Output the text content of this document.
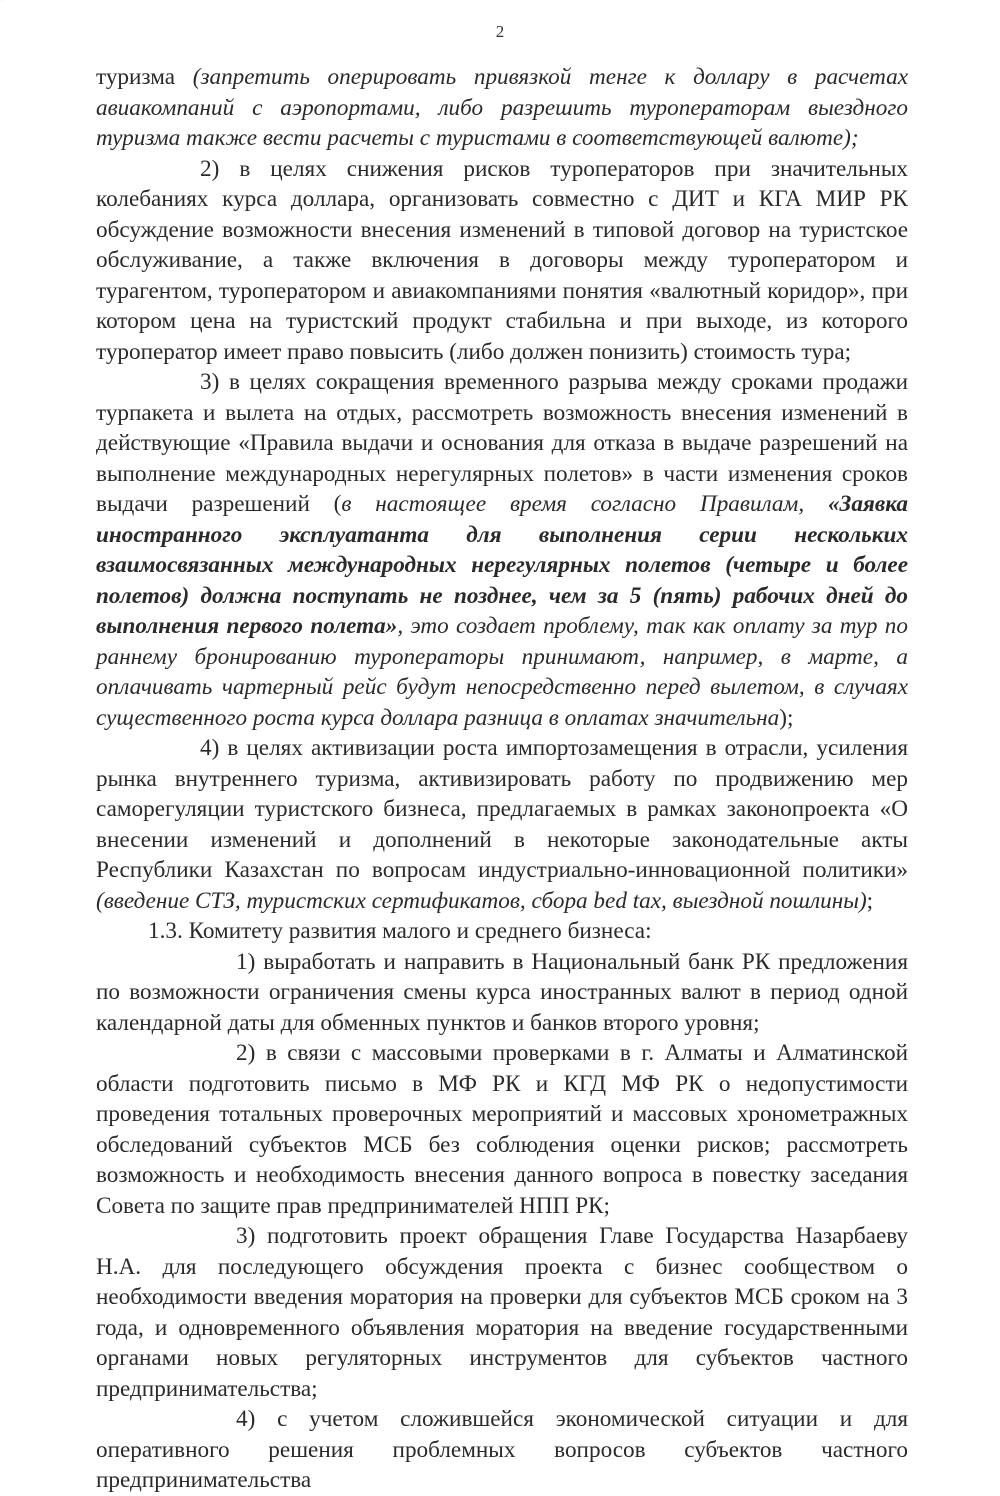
2

туризма (запретить оперировать привязкой тенге к доллару в расчетах авиакомпаний с аэропортами, либо разрешить туроператорам выездного туризма также вести расчеты с туристами в соответствующей валюте);

2) в целях снижения рисков туроператоров при значительных колебаниях курса доллара, организовать совместно с ДИТ и КГА МИР РК обсуждение возможности внесения изменений в типовой договор на туристское обслуживание, а также включения в договоры между туроператором и турагентом, туроператором и авиакомпаниями понятия «валютный коридор», при котором цена на туристский продукт стабильна и при выходе, из которого туроператор имеет право повысить (либо должен понизить) стоимость тура;

3) в целях сокращения временного разрыва между сроками продажи турпакета и вылета на отдых, рассмотреть возможность внесения изменений в действующие «Правила выдачи и основания для отказа в выдаче разрешений на выполнение международных нерегулярных полетов» в части изменения сроков выдачи разрешений (в настоящее время согласно Правилам, «Заявка иностранного эксплуатанта для выполнения серии нескольких взаимосвязанных международных нерегулярных полетов (четыре и более полетов) должна поступать не позднее, чем за 5 (пять) рабочих дней до выполнения первого полета», это создает проблему, так как оплату за тур по раннему бронированию туроператоры принимают, например, в марте, а оплачивать чартерный рейс будут непосредственно перед вылетом, в случаях существенного роста курса доллара разница в оплатах значительна);

4) в целях активизации роста импортозамещения в отрасли, усиления рынка внутреннего туризма, активизировать работу по продвижению мер саморегуляции туристского бизнеса, предлагаемых в рамках законопроекта «О внесении изменений и дополнений в некоторые законодательные акты Республики Казахстан по вопросам индустриально-инновационной политики» (введение СТЗ, туристских сертификатов, сбора bed tax, выездной пошлины);

1.3. Комитету развития малого и среднего бизнеса:

1) выработать и направить в Национальный банк РК предложения по возможности ограничения смены курса иностранных валют в период одной календарной даты для обменных пунктов и банков второго уровня;

2) в связи с массовыми проверками в г. Алматы и Алматинской области подготовить письмо в МФ РК и КГД МФ РК о недопустимости проведения тотальных проверочных мероприятий и массовых хронометражных обследований субъектов МСБ без соблюдения оценки рисков; рассмотреть возможность и необходимость внесения данного вопроса в повестку заседания Совета по защите прав предпринимателей НПП РК;

3) подготовить проект обращения Главе Государства Назарбаеву Н.А. для последующего обсуждения проекта с бизнес сообществом о необходимости введения моратория на проверки для субъектов МСБ сроком на 3 года, и одновременного объявления моратория на введение государственными органами новых регуляторных инструментов для субъектов частного предпринимательства;

4) с учетом сложившейся экономической ситуации и для оперативного решения проблемных вопросов субъектов частного предпринимательства
